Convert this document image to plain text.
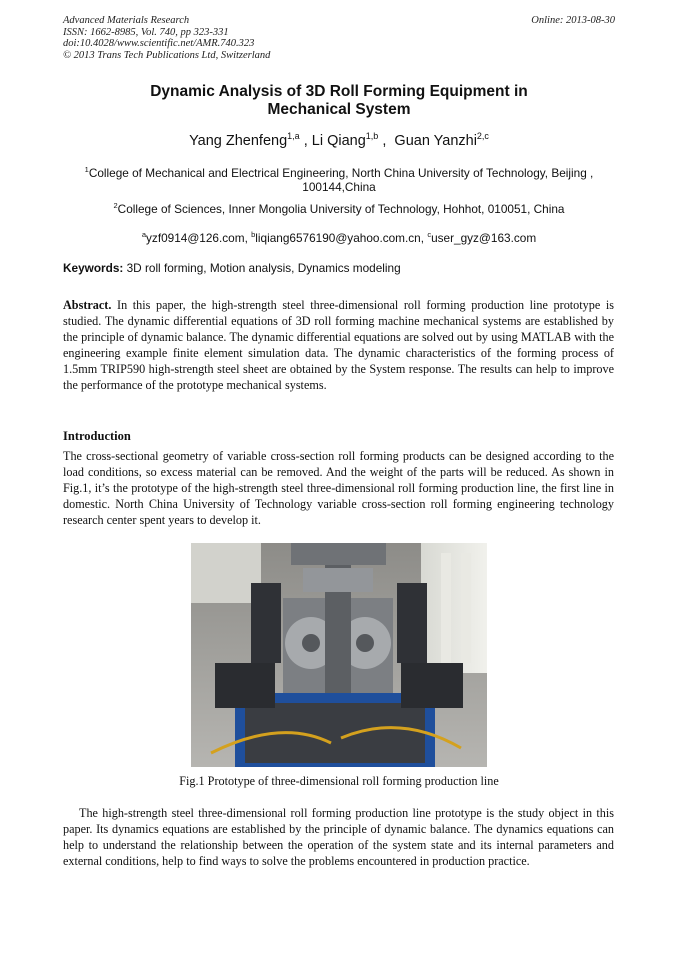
Advanced Materials Research
ISSN: 1662-8985, Vol. 740, pp 323-331
doi:10.4028/www.scientific.net/AMR.740.323
© 2013 Trans Tech Publications Ltd, Switzerland
Online: 2013-08-30
Dynamic Analysis of 3D Roll Forming Equipment in
Mechanical System
Yang Zhenfeng$^{1,a}$ , Li Qiang$^{1,b}$ ,  Guan Yanzhi$^{2,c}$
$^1$College of Mechanical and Electrical Engineering, North China University of Technology, Beijing , 100144,China
$^2$College of Sciences, Inner Mongolia University of Technology, Hohhot, 010051, China
$^a$yzf0914@126.com, $^b$liqiang6576190@yahoo.com.cn, $^c$user_gyz@163.com
Keywords: 3D roll forming, Motion analysis, Dynamics modeling
Abstract. In this paper, the high-strength steel three-dimensional roll forming production line prototype is studied. The dynamic differential equations of 3D roll forming machine mechanical systems are established by the principle of dynamic balance. The dynamic differential equations are solved out by using MATLAB with the engineering example finite element simulation data. The dynamic characteristics of the forming process of 1.5mm TRIP590 high-strength steel sheet are obtained by the System response. The results can help to improve the performance of the prototype mechanical systems.
Introduction
The cross-sectional geometry of variable cross-section roll forming products can be designed according to the load conditions, so excess material can be removed. And the weight of the parts will be reduced. As shown in Fig.1, it’s the prototype of the high-strength steel three-dimensional roll forming production line, the first line in domestic. North China University of Technology variable cross-section roll forming engineering technology research center spent years to develop it.
Fig.1 Prototype of three-dimensional roll forming production line
The high-strength steel three-dimensional roll forming production line prototype is the study object in this paper. Its dynamics equations are established by the principle of dynamic balance. The dynamics equations can help to understand the relationship between the operation of the system state and its internal parameters and external conditions, help to find ways to solve the problems encountered in production practice.
